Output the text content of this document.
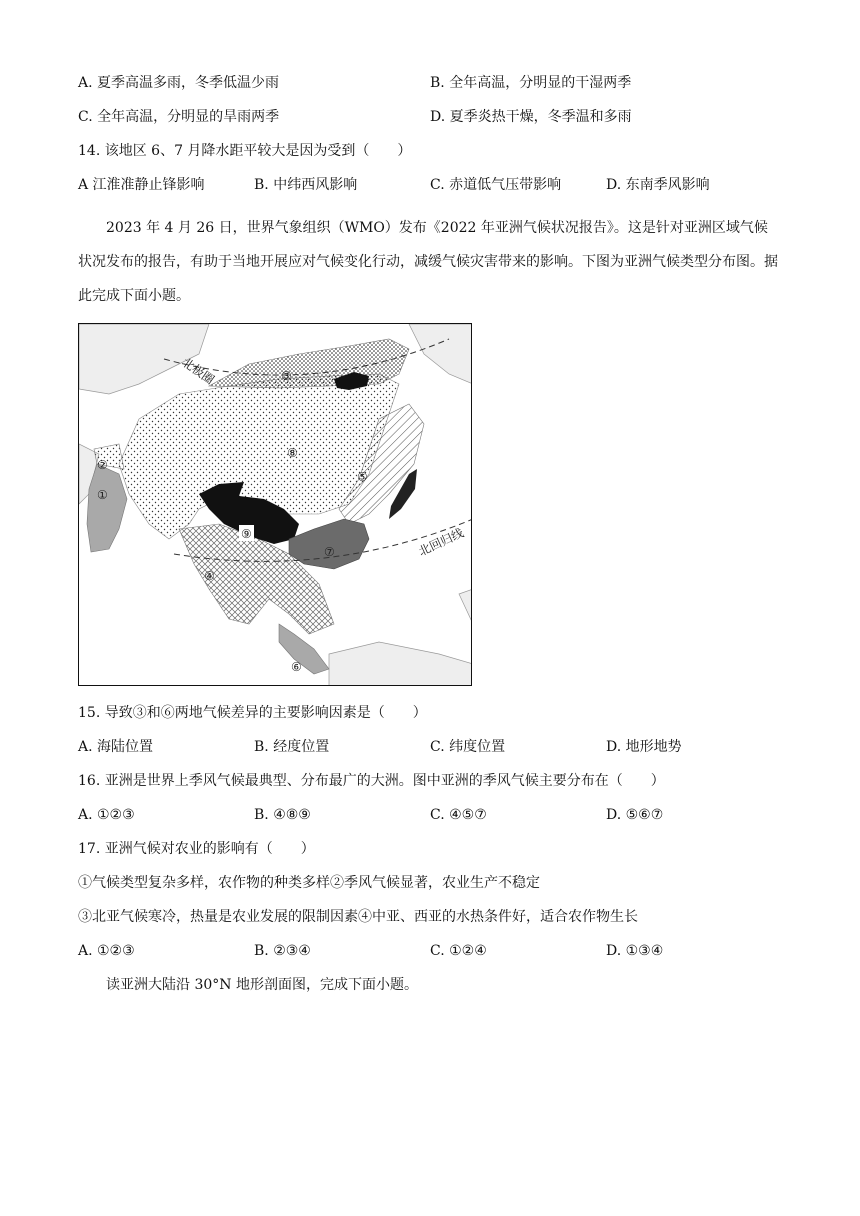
A. 夏季高温多雨，冬季低温少雨	B. 全年高温，分明显的干湿两季
C. 全年高温，分明显的旱雨两季	D. 夏季炎热干燥，冬季温和多雨
14. 该地区 6、7 月降水距平较大是因为受到（　　）
A 江淮准静止锋影响	B. 中纬西风影响	C. 赤道低气压带影响	D. 东南季风影响
2023 年 4 月 26 日，世界气象组织（WMO）发布《2022 年亚洲气候状况报告》。这是针对亚洲区域气候状况发布的报告，有助于当地开展应对气候变化行动，减缓气候灾害带来的影响。下图为亚洲气候类型分布图。据此完成下面小题。
北极圈
北回归线
①
②
③
④
⑤
⑥
⑦
⑧
⑨
15. 导致③和⑥两地气候差异的主要影响因素是（　　）
A. 海陆位置	B. 经度位置	C. 纬度位置	D. 地形地势
16. 亚洲是世界上季风气候最典型、分布最广的大洲。图中亚洲的季风气候主要分布在（　　）
A. ①②③	B. ④⑧⑨	C. ④⑤⑦	D. ⑤⑥⑦
17. 亚洲气候对农业的影响有（　　）
①气候类型复杂多样，农作物的种类多样②季风气候显著，农业生产不稳定
③北亚气候寒冷，热量是农业发展的限制因素④中亚、西亚的水热条件好，适合农作物生长
A. ①②③	B. ②③④	C. ①②④	D. ①③④
读亚洲大陆沿 30°N 地形剖面图，完成下面小题。
